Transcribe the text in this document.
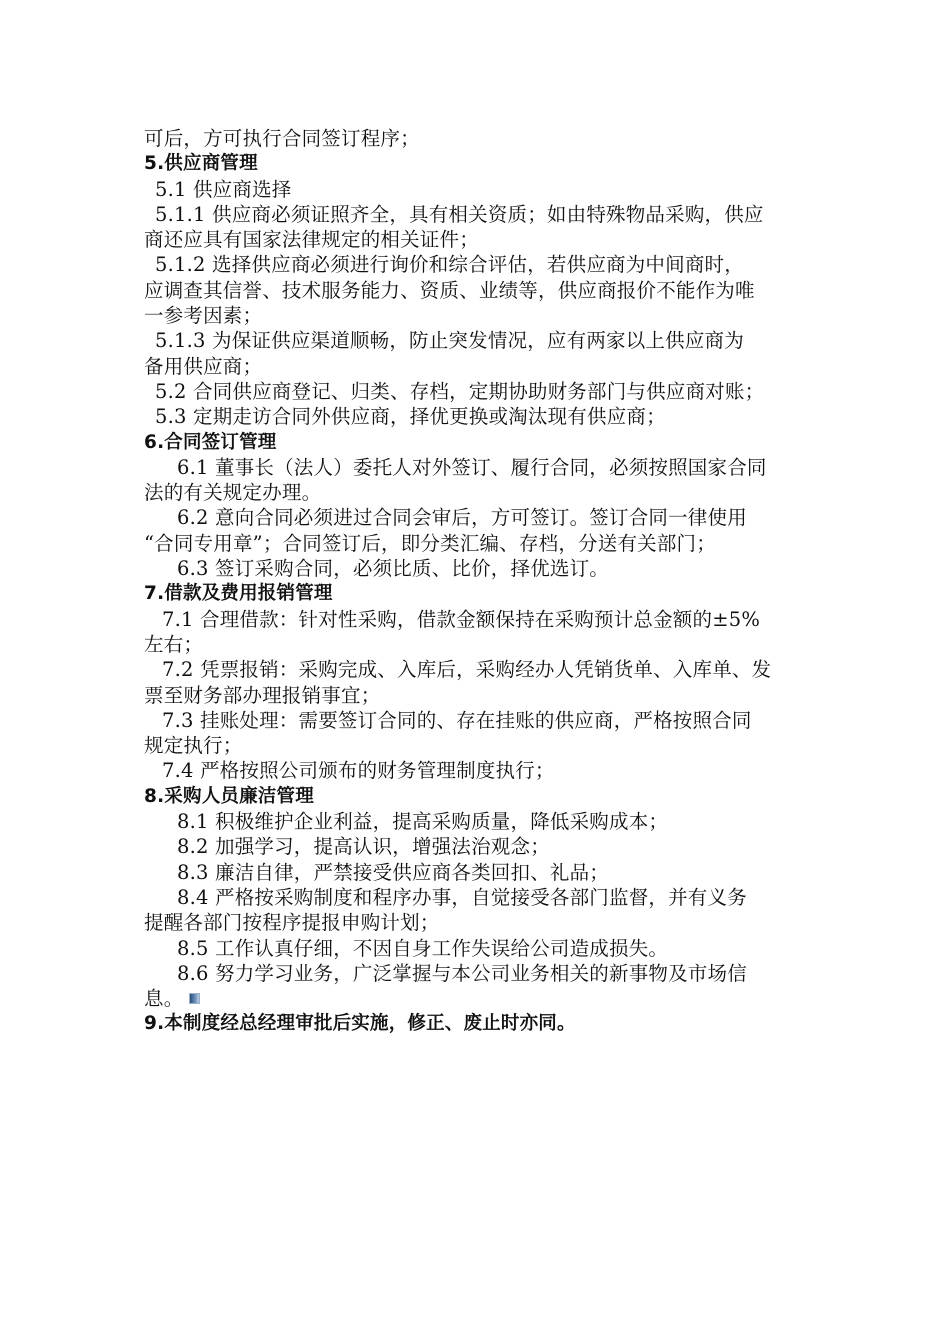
可后，方可执行合同签订程序；
5.供应商管理
5.1 供应商选择
5.1.1 供应商必须证照齐全，具有相关资质；如由特殊物品采购，供应
商还应具有国家法律规定的相关证件；
5.1.2 选择供应商必须进行询价和综合评估，若供应商为中间商时，
应调查其信誉、技术服务能力、资质、业绩等，供应商报价不能作为唯
一参考因素；
5.1.3 为保证供应渠道顺畅，防止突发情况，应有两家以上供应商为
备用供应商；
5.2 合同供应商登记、归类、存档，定期协助财务部门与供应商对账；
5.3 定期走访合同外供应商，择优更换或淘汰现有供应商；
6.合同签订管理
6.1 董事长（法人）委托人对外签订、履行合同，必须按照国家合同
法的有关规定办理。
6.2 意向合同必须进过合同会审后，方可签订。签订合同一律使用
“合同专用章”；合同签订后，即分类汇编、存档，分送有关部门；
6.3 签订采购合同，必须比质、比价，择优选订。
7.借款及费用报销管理
7.1 合理借款：针对性采购，借款金额保持在采购预计总金额的±5%
左右；
7.2 凭票报销：采购完成、入库后，采购经办人凭销货单、入库单、发
票至财务部办理报销事宜；
7.3 挂账处理：需要签订合同的、存在挂账的供应商，严格按照合同
规定执行；
7.4 严格按照公司颁布的财务管理制度执行；
8.采购人员廉洁管理
8.1 积极维护企业利益，提高采购质量，降低采购成本；
8.2 加强学习，提高认识，增强法治观念；
8.3 廉洁自律，严禁接受供应商各类回扣、礼品；
8.4 严格按采购制度和程序办事，自觉接受各部门监督，并有义务
提醒各部门按程序提报申购计划；
8.5 工作认真仔细，不因自身工作失误给公司造成损失。
8.6 努力学习业务，广泛掌握与本公司业务相关的新事物及市场信
息。
9.本制度经总经理审批后实施，修正、废止时亦同。
